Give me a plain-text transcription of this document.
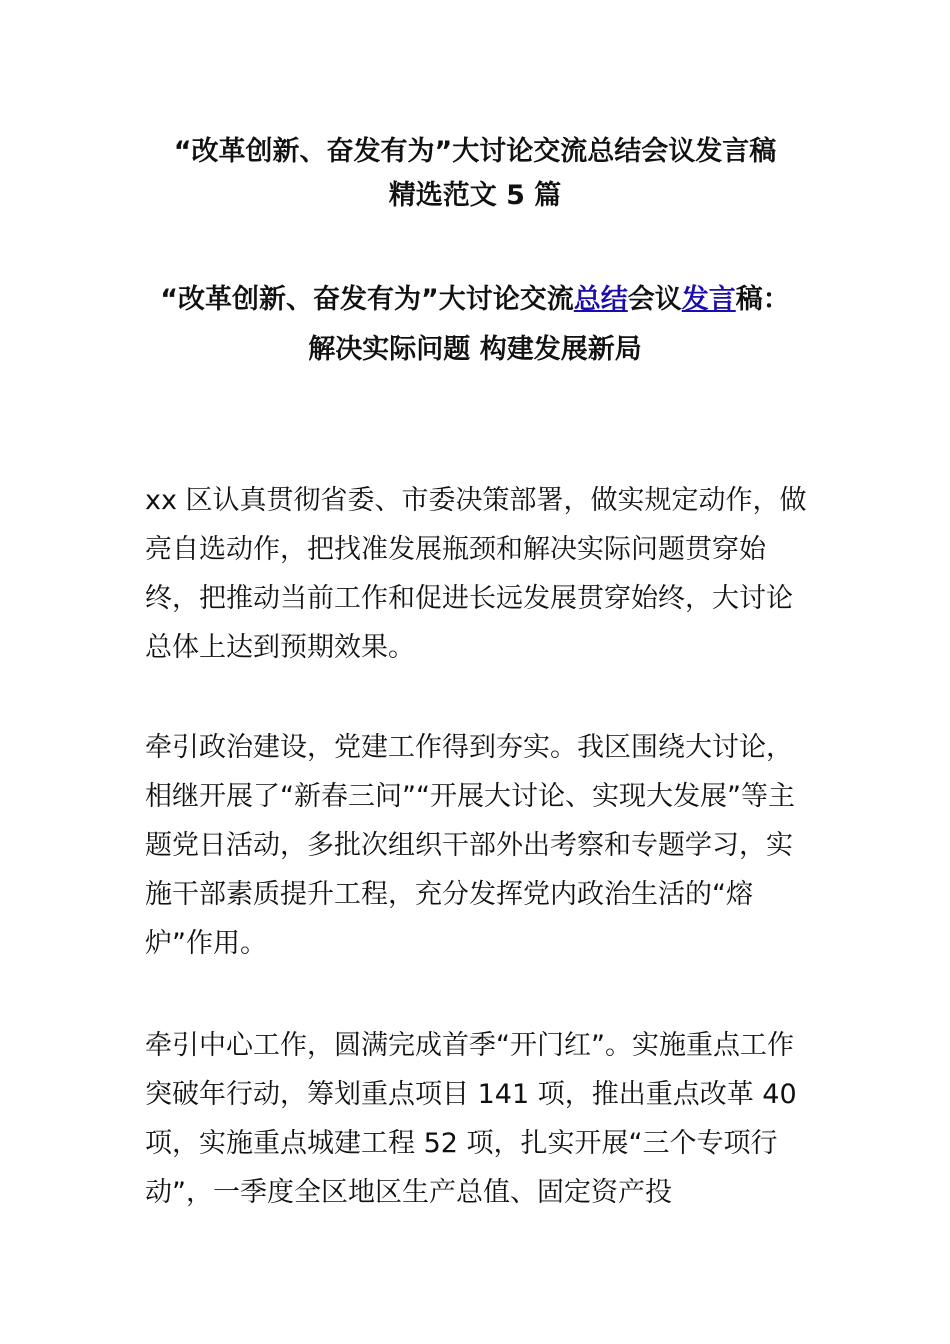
“改革创新、奋发有为”大讨论交流总结会议发言稿
精选范文 5 篇
“改革创新、奋发有为”大讨论交流总结会议发言稿：
解决实际问题 构建发展新局

xx 区认真贯彻省委、市委决策部署，做实规定动作，做亮自选动作，把找准发展瓶颈和解决实际问题贯穿始终，把推动当前工作和促进长远发展贯穿始终，大讨论总体上达到预期效果。

牵引政治建设，党建工作得到夯实。我区围绕大讨论，相继开展了“新春三问”“开展大讨论、实现大发展”等主题党日活动，多批次组织干部外出考察和专题学习，实施干部素质提升工程，充分发挥党内政治生活的“熔炉”作用。

牵引中心工作，圆满完成首季“开门红”。实施重点工作突破年行动，筹划重点项目 141 项，推出重点改革 40 项，实施重点城建工程 52 项，扎实开展“三个专项行动”，一季度全区地区生产总值、固定资产投
